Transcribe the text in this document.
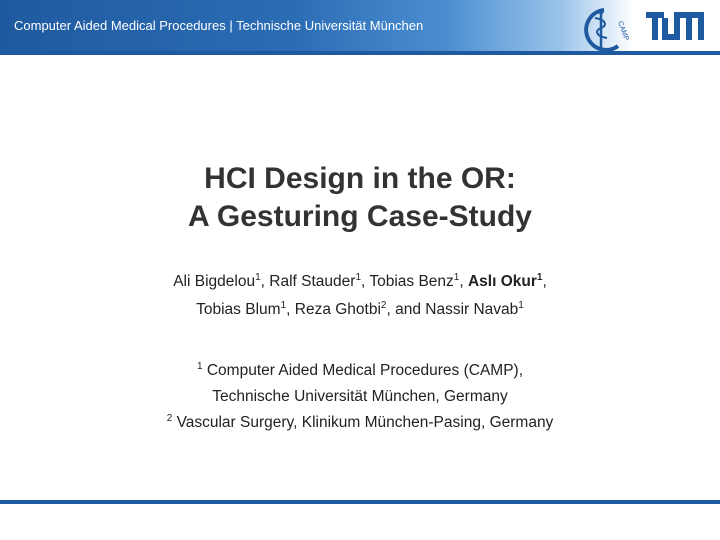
Computer Aided Medical Procedures | Technische Universität München	CAMP
HCI Design in the OR:
A Gesturing Case-Study
Ali Bigdelou$^1$, Ralf Stauder$^1$, Tobias Benz$^1$, Aslı Okur$^1$,
Tobias Blum$^1$, Reza Ghotbi$^2$, and Nassir Navab$^1$
$^1$ Computer Aided Medical Procedures (CAMP),
Technische Universität München, Germany
$^2$ Vascular Surgery, Klinikum München-Pasing, Germany
